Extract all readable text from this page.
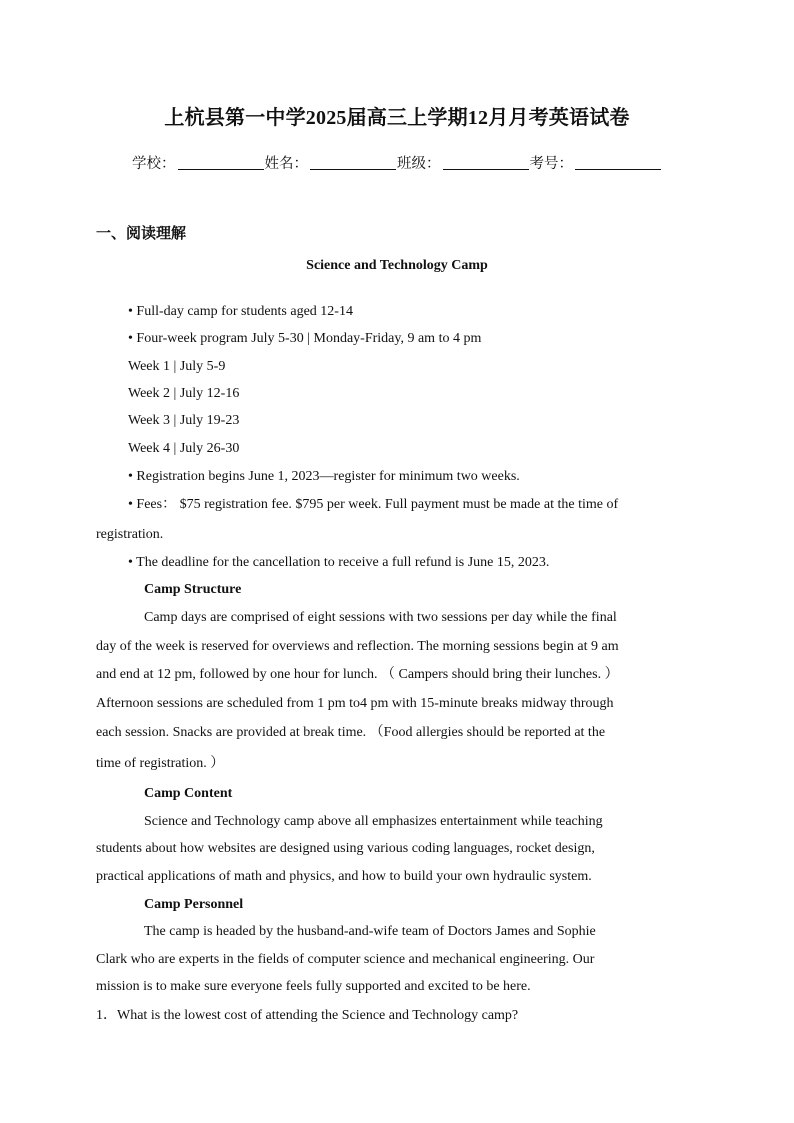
上杭县第一中学2025届高三上学期12月月考英语试卷
学校：	姓名：	班级：	考号：
一、阅读理解
Science and Technology Camp
• Full-day camp for students aged 12-14
• Four-week program July 5-30 | Monday-Friday, 9 am to 4 pm
Week 1 | July 5-9
Week 2 | July 12-16
Week 3 | July 19-23
Week 4 | July 26-30
• Registration begins June 1, 2023—register for minimum two weeks.
• Fees： $75 registration fee. $795 per week. Full payment must be made at the time of
registration.
• The deadline for the cancellation to receive a full refund is June 15, 2023.
Camp Structure
Camp days are comprised of eight sessions with two sessions per day while the final
day of the week is reserved for overviews and reflection. The morning sessions begin at 9 am
and end at 12 pm, followed by one hour for lunch. （ Campers should bring their lunches. ）
Afternoon sessions are scheduled from 1 pm to4 pm with 15-minute breaks midway through
each session. Snacks are provided at break time. （Food allergies should be reported at the
time of registration. ）
Camp Content
Science and Technology camp above all emphasizes entertainment while teaching
students about how websites are designed using various coding languages, rocket design,
practical applications of math and physics, and how to build your own hydraulic system.
Camp Personnel
The camp is headed by the husband-and-wife team of Doctors James and Sophie
Clark who are experts in the fields of computer science and mechanical engineering. Our
mission is to make sure everyone feels fully supported and excited to be here.
1．What is the lowest cost of attending the Science and Technology camp?
